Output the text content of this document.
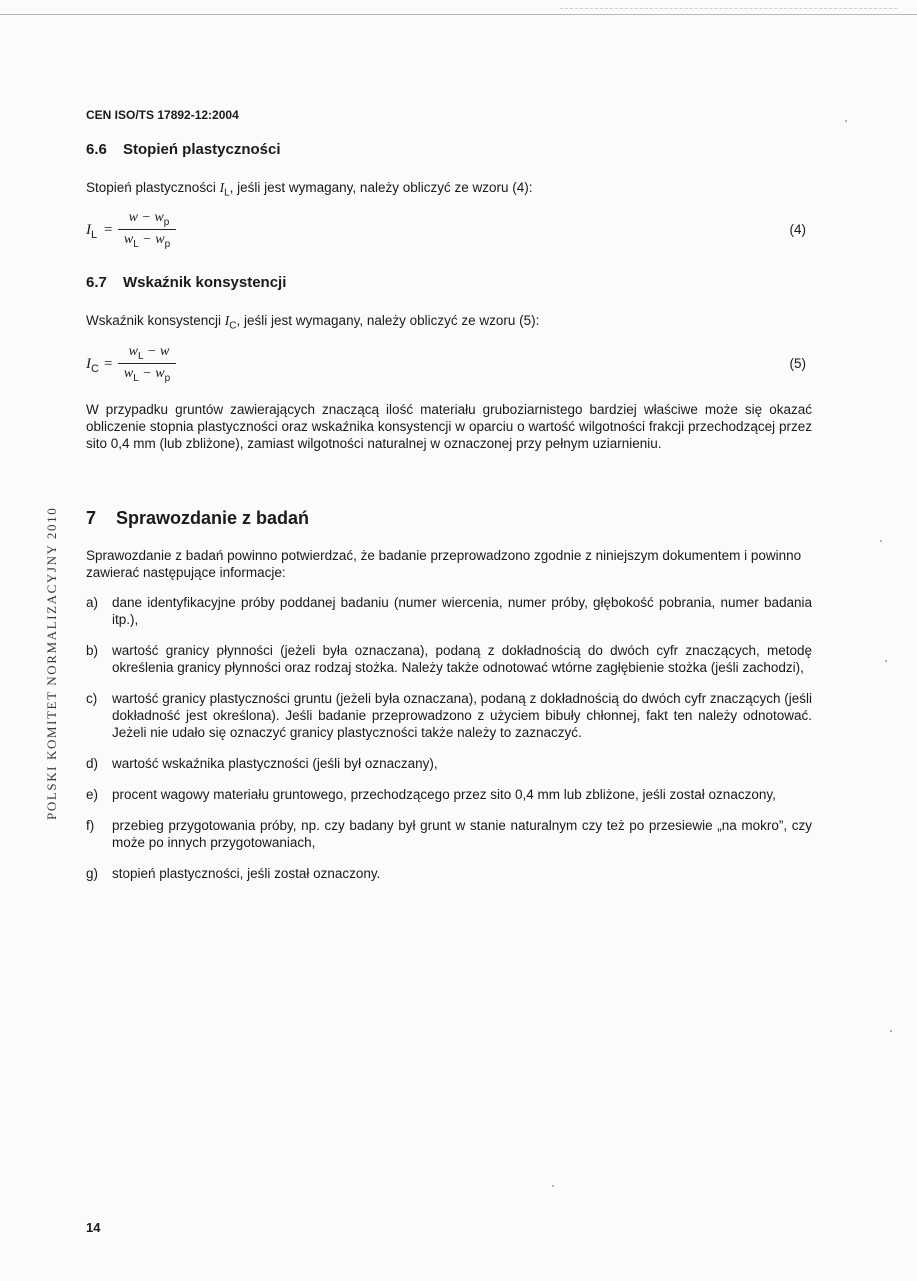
POLSKI KOMITET NORMALIZACYJNY 2010
CEN ISO/TS 17892-12:2004
6.6 Stopień plastyczności

Stopień plastyczności $I_L$, jeśli jest wymagany, należy obliczyć ze wzoru (4):

$I_L$ =
$w - w_p$
$w_L - w_p$
(4)
6.7 Wskaźnik konsystencji

Wskaźnik konsystencji $I_C$, jeśli jest wymagany, należy obliczyć ze wzoru (5):

$I_C$ =
$w_L - w$
$w_L - w_p$
(5)

W przypadku gruntów zawierających znaczącą ilość materiału gruboziarnistego bardziej właściwe może się okazać obliczenie stopnia plastyczności oraz wskaźnika konsystencji w oparciu o wartość wilgotności frakcji przechodzącej przez sito 0,4 mm (lub zbliżone), zamiast wilgotności naturalnej w oznaczonej przy pełnym uziarnieniu.

7 Sprawozdanie z badań

Sprawozdanie z badań powinno potwierdzać, że badanie przeprowadzono zgodnie z niniejszym dokumentem i powinno zawierać następujące informacje:

a) dane identyfikacyjne próby poddanej badaniu (numer wiercenia, numer próby, głębokość pobrania, numer badania itp.),
b) wartość granicy płynności (jeżeli była oznaczana), podaną z dokładnością do dwóch cyfr znaczących, metodę określenia granicy płynności oraz rodzaj stożka. Należy także odnotować wtórne zagłębienie stożka (jeśli zachodzi),
c) wartość granicy plastyczności gruntu (jeżeli była oznaczana), podaną z dokładnością do dwóch cyfr znaczących (jeśli dokładność jest określona). Jeśli badanie przeprowadzono z użyciem bibuły chłonnej, fakt ten należy odnotować. Jeżeli nie udało się oznaczyć granicy plastyczności także należy to zaznaczyć.
d) wartość wskaźnika plastyczności (jeśli był oznaczany),
e) procent wagowy materiału gruntowego, przechodzącego przez sito 0,4 mm lub zbliżone, jeśli został oznaczony,
f) przebieg przygotowania próby, np. czy badany był grunt w stanie naturalnym czy też po przesiewie „na mokro”, czy może po innych przygotowaniach,
g) stopień plastyczności, jeśli został oznaczony.
14
